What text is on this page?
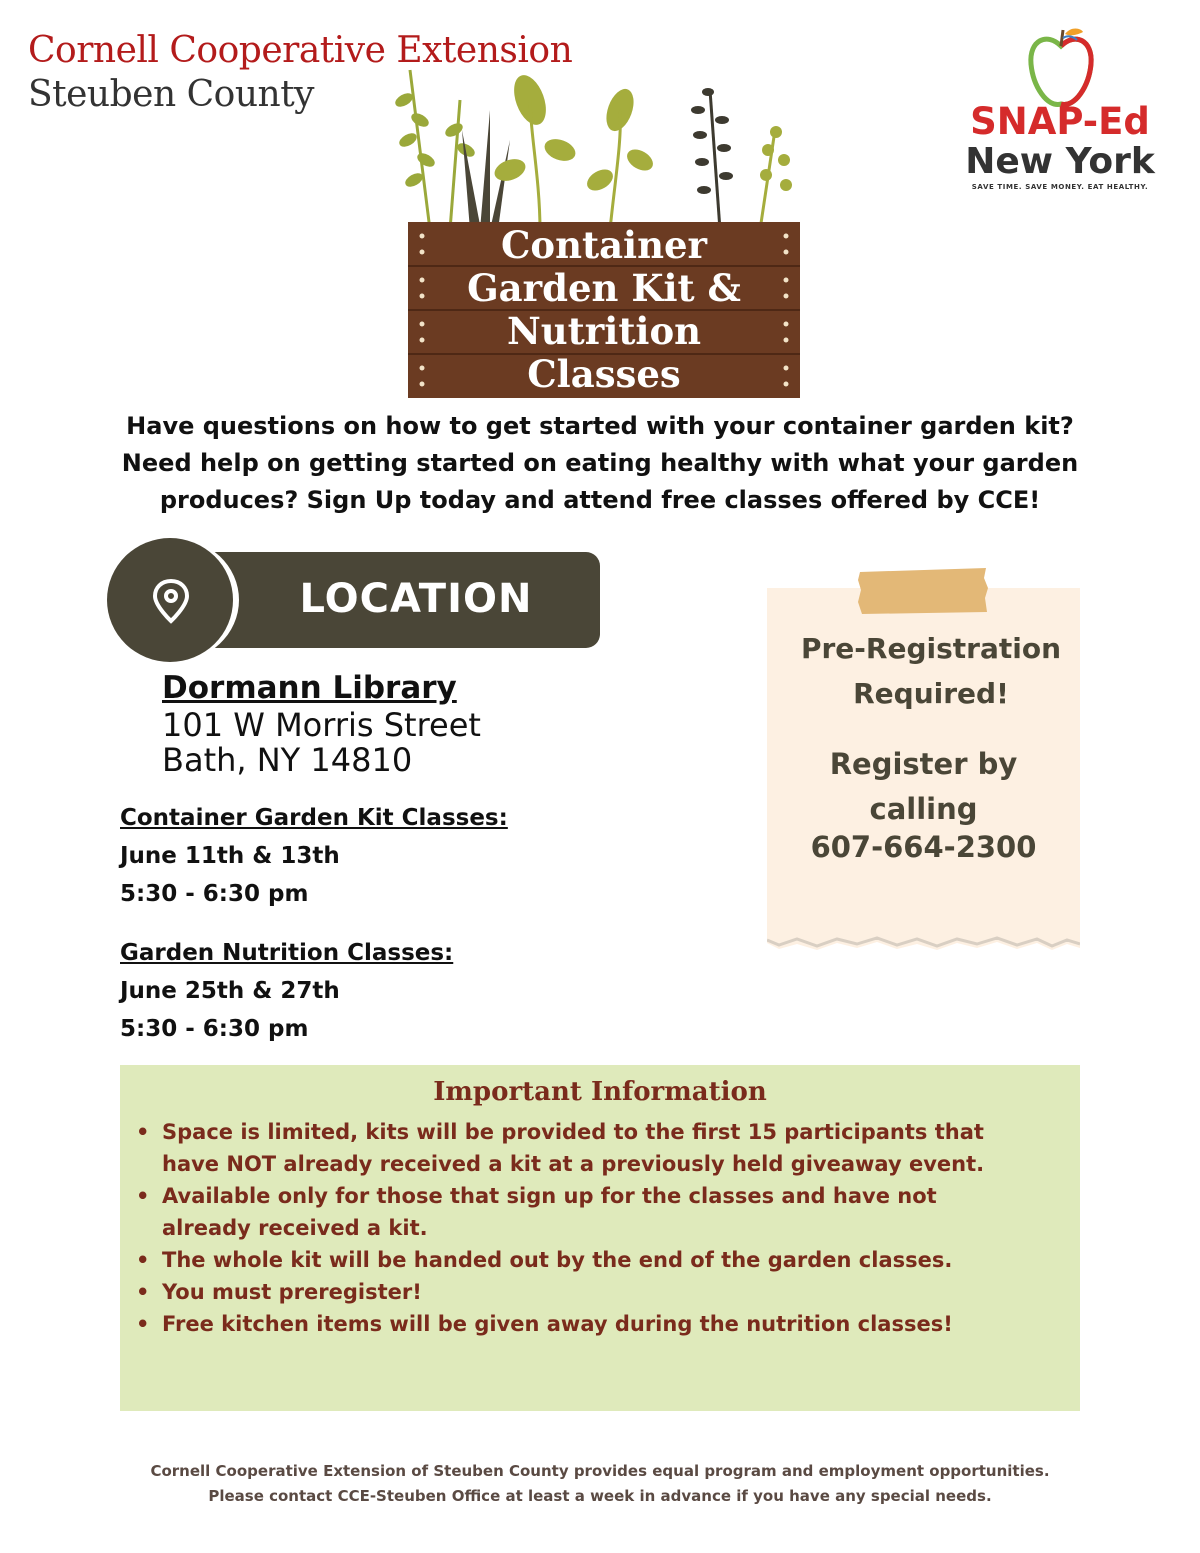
Cornell Cooperative Extension
Steuben County
SNAP-Ed
New York
SAVE TIME. SAVE MONEY. EAT HEALTHY.
Container
Garden Kit &
Nutrition
Classes
Have questions on how to get started with your container garden kit?
Need help on getting started on eating healthy with what your garden
produces? Sign Up today and attend free classes offered by CCE!
LOCATION
Dormann Library
101 W Morris Street
Bath, NY 14810
Container Garden Kit Classes:
June 11th & 13th
5:30 - 6:30 pm
Garden Nutrition Classes:
June 25th & 27th
5:30 - 6:30 pm
Pre-Registration
Required!
Register by
calling
607-664-2300
Important Information
• Space is limited, kits will be provided to the first 15 participants that
have NOT already received a kit at a previously held giveaway event.
• Available only for those that sign up for the classes and have not
already received a kit.
• The whole kit will be handed out by the end of the garden classes.
• You must preregister!
• Free kitchen items will be given away during the nutrition classes!
Cornell Cooperative Extension of Steuben County provides equal program and employment opportunities.
Please contact CCE-Steuben Office at least a week in advance if you have any special needs.
